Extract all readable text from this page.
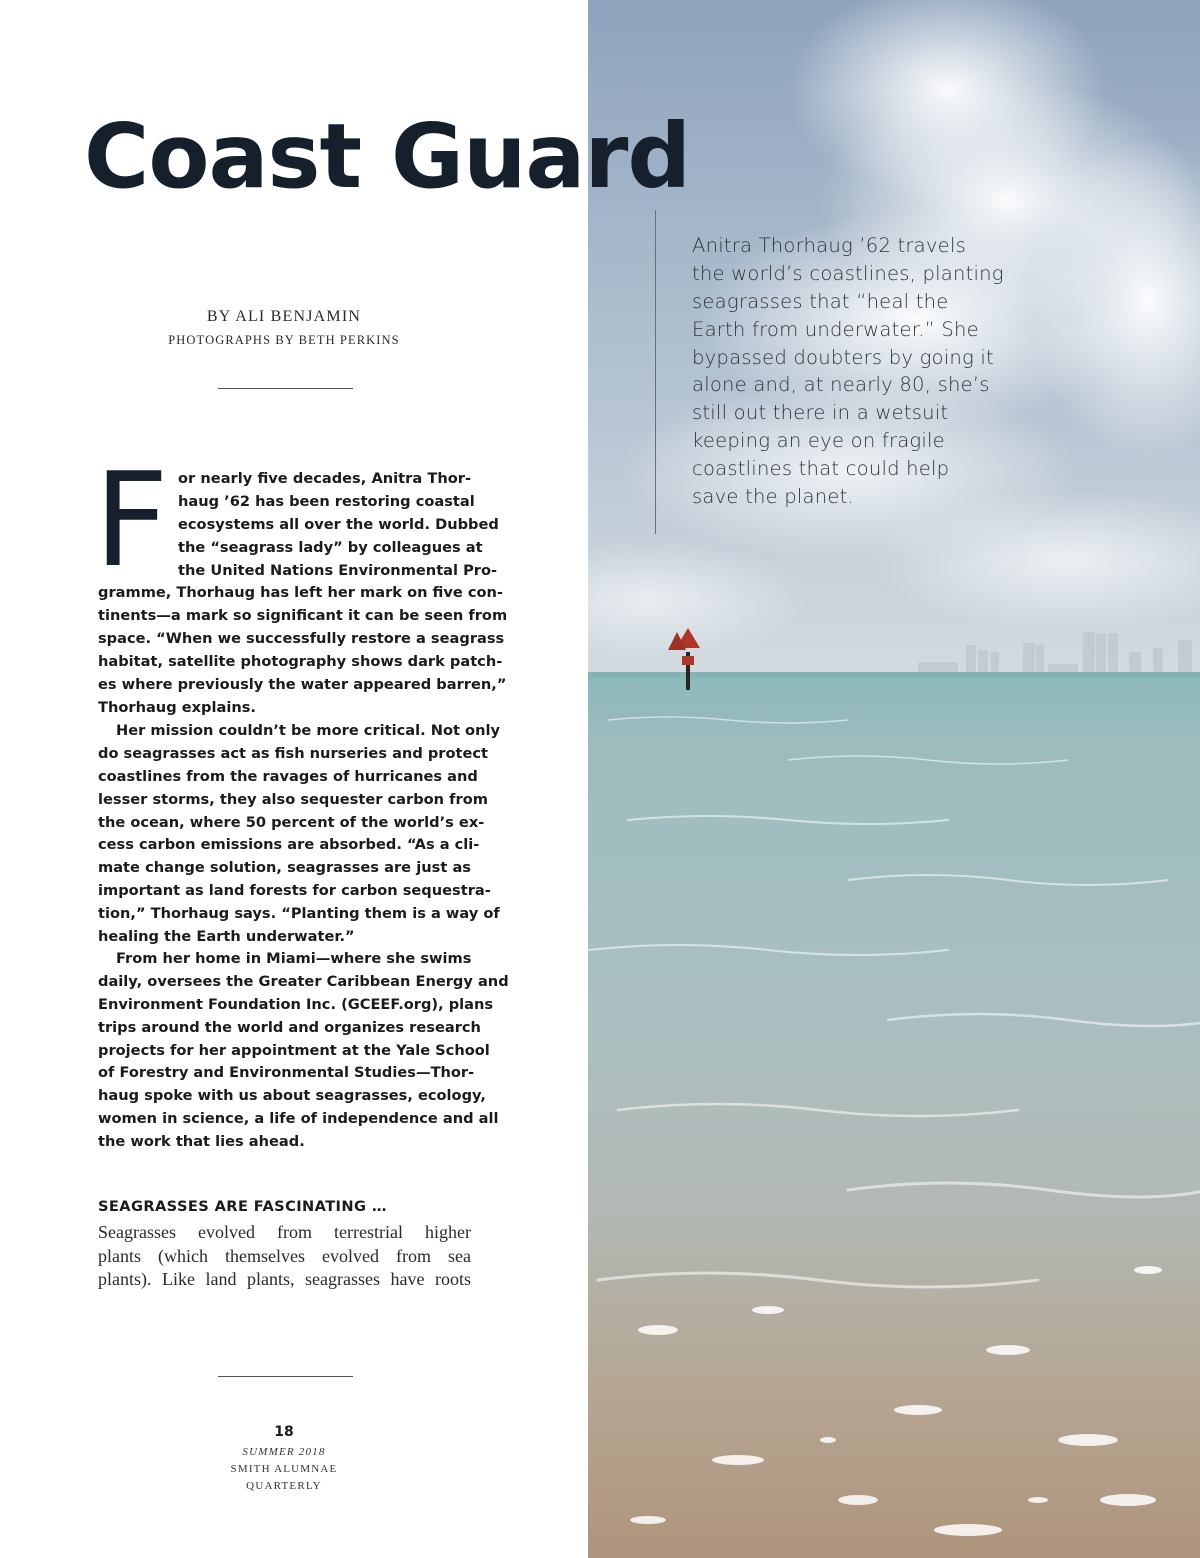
Coast Guard
BY ALI BENJAMIN
PHOTOGRAPHS BY BETH PERKINS
F or nearly five decades, Anitra Thor-
haug ’62 has been restoring coastal
ecosystems all over the world. Dubbed
the “seagrass lady” by colleagues at
the United Nations Environmental Pro-
gramme, Thorhaug has left her mark on five con-
tinents—a mark so significant it can be seen from
space. “When we successfully restore a seagrass
habitat, satellite photography shows dark patch-
es where previously the water appeared barren,”
Thorhaug explains.
Her mission couldn’t be more critical. Not only
do seagrasses act as fish nurseries and protect
coastlines from the ravages of hurricanes and
lesser storms, they also sequester carbon from
the ocean, where 50 percent of the world’s ex-
cess carbon emissions are absorbed. “As a cli-
mate change solution, seagrasses are just as
important as land forests for carbon sequestra-
tion,” Thorhaug says. “Planting them is a way of
healing the Earth underwater.”
From her home in Miami—where she swims
daily, oversees the Greater Caribbean Energy and
Environment Foundation Inc. (GCEEF.org), plans
trips around the world and organizes research
projects for her appointment at the Yale School
of Forestry and Environmental Studies—Thor-
haug spoke with us about seagrasses, ecology,
women in science, a life of independence and all
the work that lies ahead.
SEAGRASSES ARE FASCINATING …
Seagrasses evolved from terrestrial higher
plants (which themselves evolved from sea
plants). Like land plants, seagrasses have roots
18
SUMMER 2018
SMITH ALUMNAE
QUARTERLY
Anitra Thorhaug ’62 travels
the world’s coastlines, planting
seagrasses that “heal the
Earth from underwater.” She
bypassed doubters by going it
alone and, at nearly 80, she’s
still out there in a wetsuit
keeping an eye on fragile
coastlines that could help
save the planet.
